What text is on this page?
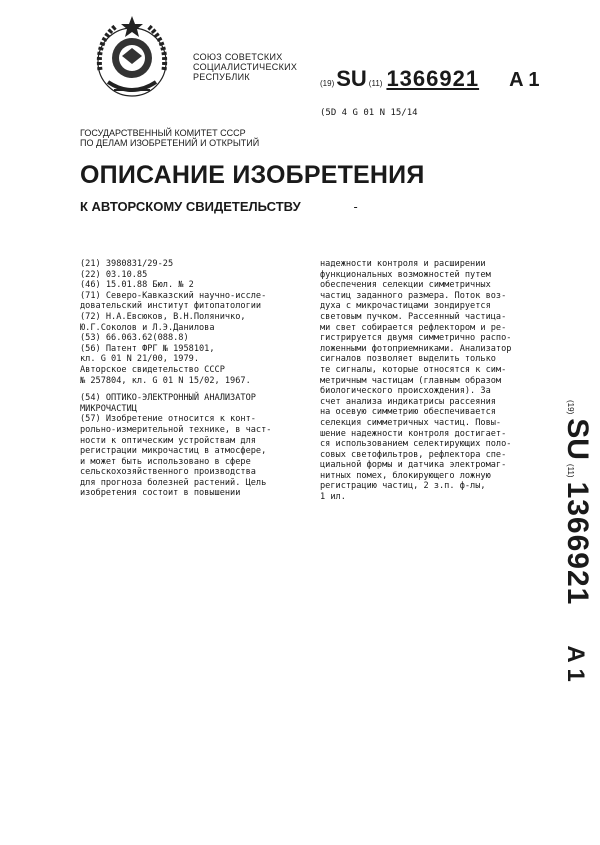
СОЮЗ СОВЕТСКИХ
СОЦИАЛИСТИЧЕСКИХ
РЕСПУБЛИК
(19) SU (11) 1366921 A 1
(5D 4 G 01 N 15/14
ГОСУДАРСТВЕННЫЙ КОМИТЕТ СССР
ПО ДЕЛАМ ИЗОБРЕТЕНИЙ И ОТКРЫТИЙ
ОПИСАНИЕ ИЗОБРЕТЕНИЯ
К АВТОРСКОМУ СВИДЕТЕЛЬСТВУ	-
(21) 3980831/29-25
(22) 03.10.85
(46) 15.01.88 Бюл. № 2
(71) Северо-Кавказский научно-иссле-
довательский институт фитопатологии
(72) Н.А.Евсюков, В.Н.Поляничко,
Ю.Г.Соколов и Л.Э.Данилова
(53) 66.063.62(088.8)
(56) Патент ФРГ № 1958101,
кл. G 01 N 21/00, 1979.
Авторское свидетельство СССР
№ 257804, кл. G 01 N 15/02, 1967.
(54) ОПТИКО-ЭЛЕКТРОННЫЙ АНАЛИЗАТОР
МИКРОЧАСТИЦ
(57) Изобретение относится к конт-
рольно-измерительной технике, в част-
ности к оптическим устройствам для
регистрации микрочастиц в атмосфере,
и может быть использовано в сфере
сельскохозяйственного производства
для прогноза болезней растений. Цель
изобретения состоит в повышении
надежности контроля и расширении
функциональных возможностей путем
обеспечения селекции симметричных
частиц заданного размера. Поток воз-
духа с микрочастицами зондируется
световым пучком. Рассеянный частица-
ми свет собирается рефлектором и ре-
гистрируется двумя симметрично распо-
ложенными фотоприемниками. Анализатор
сигналов позволяет выделить только
те сигналы, которые относятся к сим-
метричным частицам (главным образом
биологического происхождения). За
счет анализа индикатрисы рассеяния
на осевую симметрию обеспечивается
селекция симметричных частиц. Повы-
шение надежности контроля достигает-
ся использованием селектирующих поло-
совых светофильтров, рефлектора спе-
циальной формы и датчика электромаг-
нитных помех, блокирующего ложную
регистрацию частиц, 2 з.п. ф-лы,
1 ил.
(19)
SU
(11)
1366921
A 1
